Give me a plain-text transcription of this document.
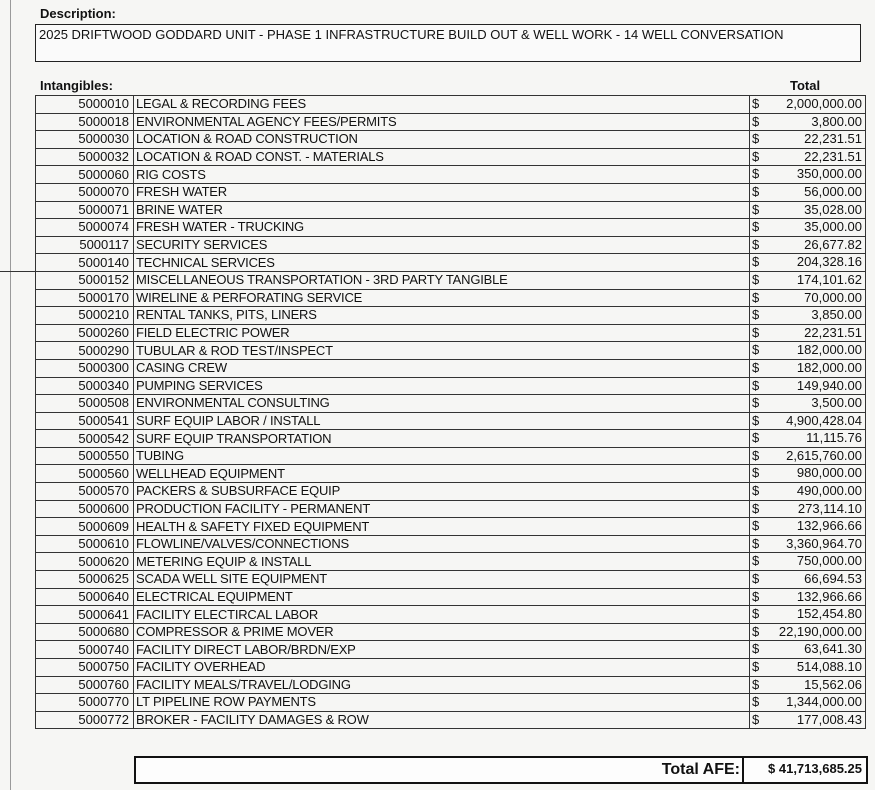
Description:
2025 DRIFTWOOD GODDARD UNIT - PHASE 1 INFRASTRUCTURE BUILD OUT & WELL WORK - 14 WELL CONVERSATION
Intangibles:	Total
5000010	LEGAL & RECORDING FEES	$ 2,000,000.00

5000018	ENVIRONMENTAL AGENCY FEES/PERMITS	$ 3,800.00

5000030	LOCATION & ROAD CONSTRUCTION	$ 22,231.51

5000032	LOCATION & ROAD CONST. - MATERIALS	$ 22,231.51

5000060	RIG COSTS	$ 350,000.00

5000070	FRESH WATER	$ 56,000.00

5000071	BRINE WATER	$ 35,028.00

5000074	FRESH WATER - TRUCKING	$ 35,000.00

5000117	SECURITY SERVICES	$ 26,677.82

5000140	TECHNICAL SERVICES	$ 204,328.16

5000152	MISCELLANEOUS TRANSPORTATION - 3RD PARTY TANGIBLE	$ 174,101.62

5000170	WIRELINE & PERFORATING SERVICE	$ 70,000.00

5000210	RENTAL TANKS, PITS, LINERS	$ 3,850.00

5000260	FIELD ELECTRIC POWER	$ 22,231.51

5000290	TUBULAR & ROD TEST/INSPECT	$ 182,000.00

5000300	CASING CREW	$ 182,000.00

5000340	PUMPING SERVICES	$ 149,940.00

5000508	ENVIRONMENTAL CONSULTING	$ 3,500.00

5000541	SURF EQUIP LABOR / INSTALL	$ 4,900,428.04

5000542	SURF EQUIP TRANSPORTATION	$ 11,115.76

5000550	TUBING	$ 2,615,760.00

5000560	WELLHEAD EQUIPMENT	$ 980,000.00

5000570	PACKERS & SUBSURFACE EQUIP	$ 490,000.00

5000600	PRODUCTION FACILITY - PERMANENT	$ 273,114.10

5000609	HEALTH & SAFETY FIXED EQUIPMENT	$ 132,966.66

5000610	FLOWLINE/VALVES/CONNECTIONS	$ 3,360,964.70

5000620	METERING EQUIP & INSTALL	$ 750,000.00

5000625	SCADA WELL SITE EQUIPMENT	$ 66,694.53

5000640	ELECTRICAL EQUIPMENT	$ 132,966.66

5000641	FACILITY ELECTIRCAL LABOR	$ 152,454.80

5000680	COMPRESSOR & PRIME MOVER	$ 22,190,000.00

5000740	FACILITY DIRECT LABOR/BRDN/EXP	$ 63,641.30

5000750	FACILITY OVERHEAD	$ 514,088.10

5000760	FACILITY MEALS/TRAVEL/LODGING	$ 15,562.06

5000770	LT PIPELINE ROW PAYMENTS	$ 1,344,000.00

5000772	BROKER - FACILITY DAMAGES & ROW	$ 177,008.43
Total AFE:	$ 41,713,685.25
